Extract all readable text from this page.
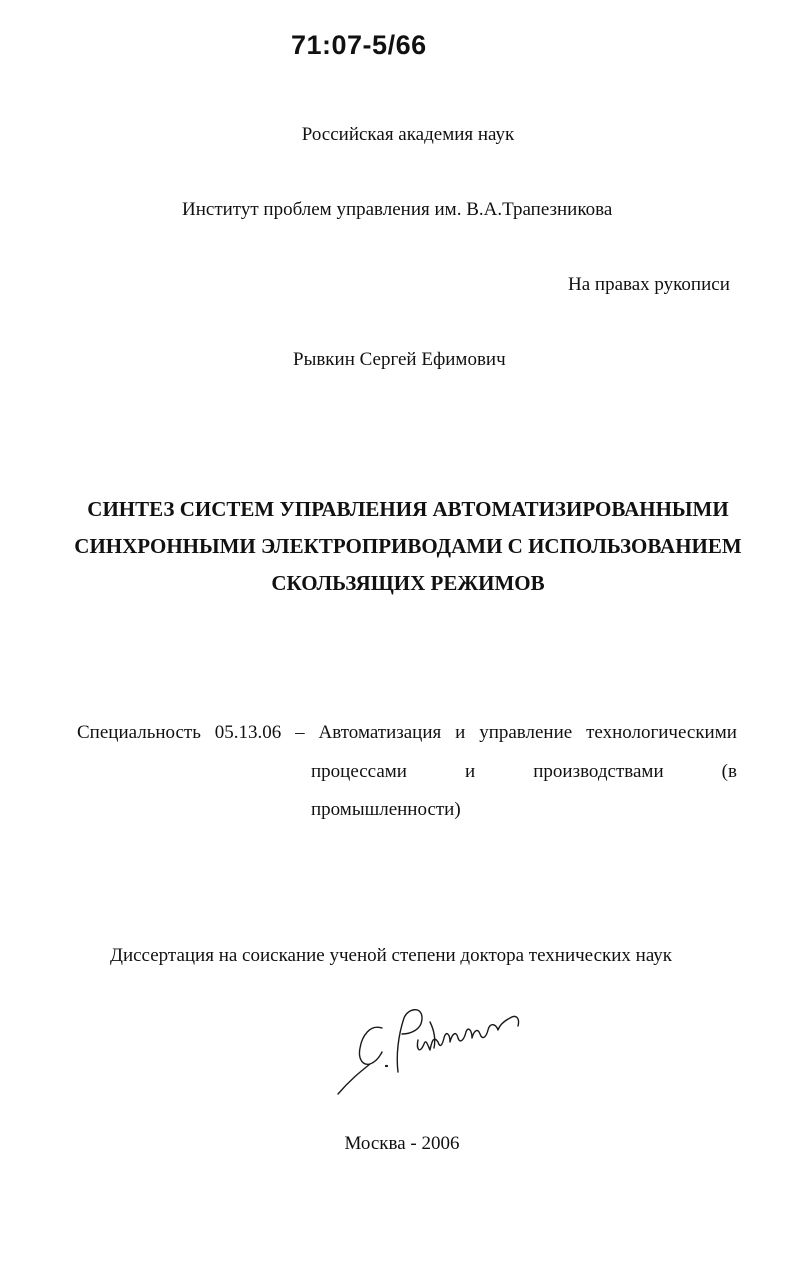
71:07-5/66
Российская академия наук
Институт проблем управления им. В.А.Трапезникова
На правах рукописи
Рывкин Сергей Ефимович
СИНТЕЗ СИСТЕМ УПРАВЛЕНИЯ АВТОМАТИЗИРОВАННЫМИ
СИНХРОННЫМИ ЭЛЕКТРОПРИВОДАМИ С ИСПОЛЬЗОВАНИЕМ
СКОЛЬЗЯЩИХ РЕЖИМОВ
Специальность 05.13.06 – Автоматизация и управление технологическими
процессами	и	производствами	(в
промышленности)
Диссертация на соискание ученой степени доктора технических наук
Москва - 2006
